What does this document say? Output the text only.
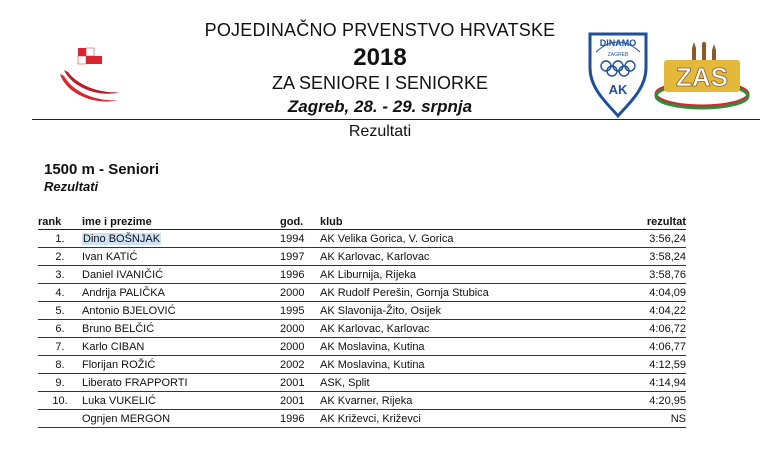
POJEDINAČNO PRVENSTVO HRVATSKE
2018
ZA SENIORE I SENIORKE
Zagreb, 28. - 29. srpnja
DINAMO
ZAGREB
AK ZAS
Rezultati
1500 m - Seniori
Rezultati
rank	ime i prezime	god.	klub	rezultat
1.	Dino BOŠNJAK	1994	AK Velika Gorica, V. Gorica	3:56,24
2.	Ivan KATIĆ	1997	AK Karlovac, Karlovac	3:58,24
3.	Daniel IVANIČIĆ	1996	AK Liburnija, Rijeka	3:58,76
4.	Andrija PALIČKA	2000	AK Rudolf Perešin, Gornja Stubica	4:04,09
5.	Antonio BJELOVIĆ	1995	AK Slavonija-Žito, Osijek	4:04,22
6.	Bruno BELČIĆ	2000	AK Karlovac, Karlovac	4:06,72
7.	Karlo CIBAN	2000	AK Moslavina, Kutina	4:06,77
8.	Florijan ROŽIĆ	2002	AK Moslavina, Kutina	4:12,59
9.	Liberato FRAPPORTI	2001	ASK, Split	4:14,94
10.	Luka VUKELIĆ	2001	AK Kvarner, Rijeka	4:20,95
	Ognjen MERGON	1996	AK Križevci, Križevci	NS
